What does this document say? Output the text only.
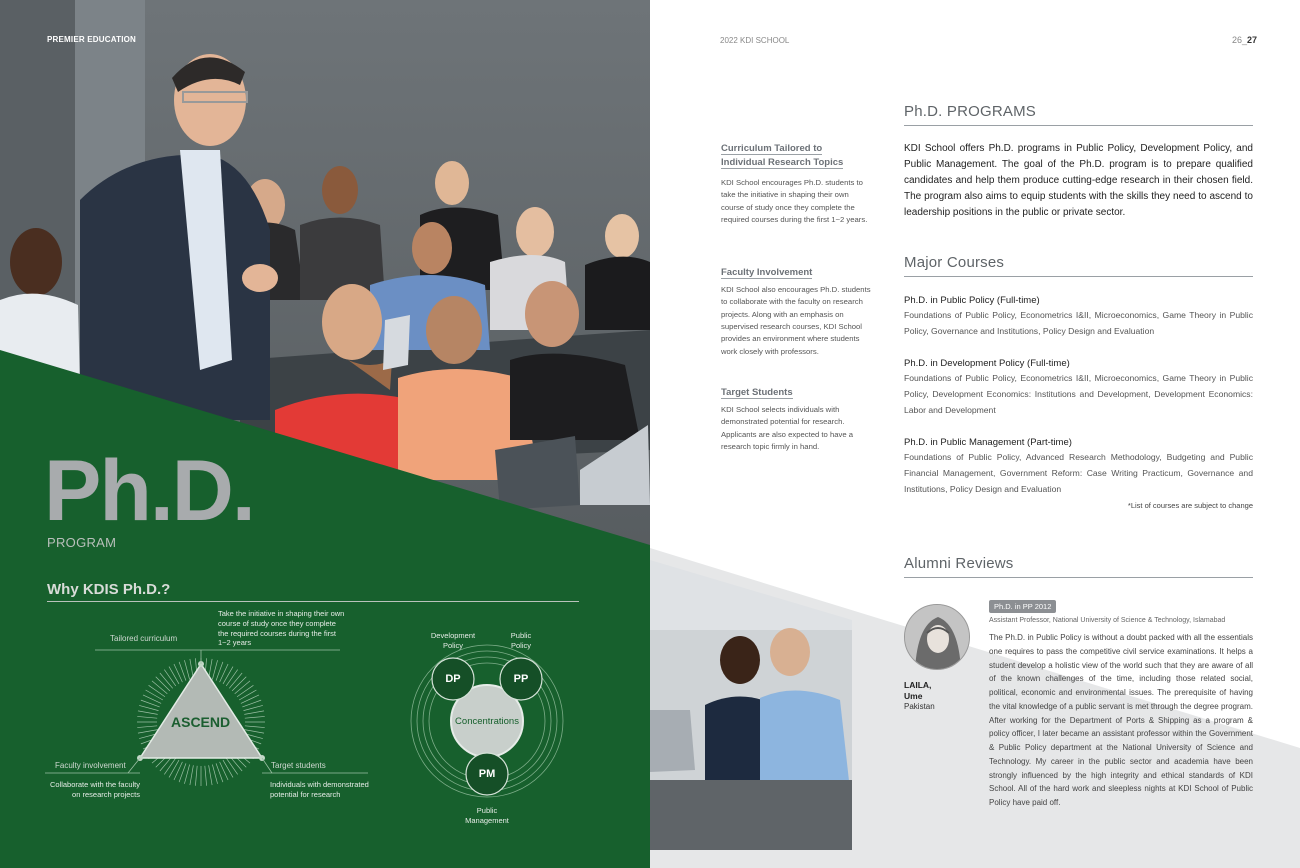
PREMIER EDUCATION
Ph.D.
PROGRAM
Why KDIS Ph.D.?
Tailored curriculum
Take the initiative in shaping their own course of study once they complete the required courses during the first 1~2 years
ASCEND
Faculty involvement
Collaborate with the faculty on research projects
Target students
Individuals with demonstrated potential for research
Development Policy
Public Policy
Public Management
DP	PP
PM
Concentrations
2022 KDI SCHOOL	26_27
Curriculum Tailored to
Individual Research Topics
KDI School encourages Ph.D. students to take the initiative in shaping their own course of study once they complete the required courses during the first 1~2 years.
Faculty Involvement
KDI School also encourages Ph.D. students to collaborate with the faculty on research projects. Along with an emphasis on supervised research courses, KDI School provides an environment where students work closely with professors.
Target Students
KDI School selects individuals with demonstrated potential for research. Applicants are also expected to have a research topic firmly in hand.
Ph.D. PROGRAMS
KDI School offers Ph.D. programs in Public Policy, Development Policy, and Public Management. The goal of the Ph.D. program is to prepare qualified candidates and help them produce cutting-edge research in their chosen field. The program also aims to equip students with the skills they need to ascend to leadership positions in the public or private sector.
Major Courses
Ph.D. in Public Policy (Full-time)
Foundations of Public Policy, Econometrics I&II, Microeconomics, Game Theory in Public Policy, Governance and Institutions, Policy Design and Evaluation
Ph.D. in Development Policy (Full-time)
Foundations of Public Policy, Econometrics I&II, Microeconomics, Game Theory in Public Policy, Development Economics: Institutions and Development, Development Economics: Labor and Development
Ph.D. in Public Management (Part-time)
Foundations of Public Policy, Advanced Research Methodology, Budgeting and Public Financial Management, Government Reform: Case Writing Practicum, Governance and Institutions, Policy Design and Evaluation
*List of courses are subject to change
Alumni Reviews
LAILA,
Ume
Pakistan
Ph.D. in PP 2012
Assistant Professor, National University of Science & Technology, Islamabad
The Ph.D. in Public Policy is without a doubt packed with all the essentials one requires to pass the competitive civil service examinations. It helps a student develop a holistic view of the world such that they are aware of all of the known challenges of the time, including those related social, political, economic and environmental issues. The prerequisite of having the vital knowledge of a public servant is met through the degree program. After working for the Department of Ports & Shipping as a program & policy officer, I later became an assistant professor within the Government & Public Policy department at the National University of Science and Technology. My career in the public sector and academia have been strongly influenced by the high integrity and ethical standards of KDI School. All of the hard work and sleepless nights at KDI School of Public Policy have paid off.
